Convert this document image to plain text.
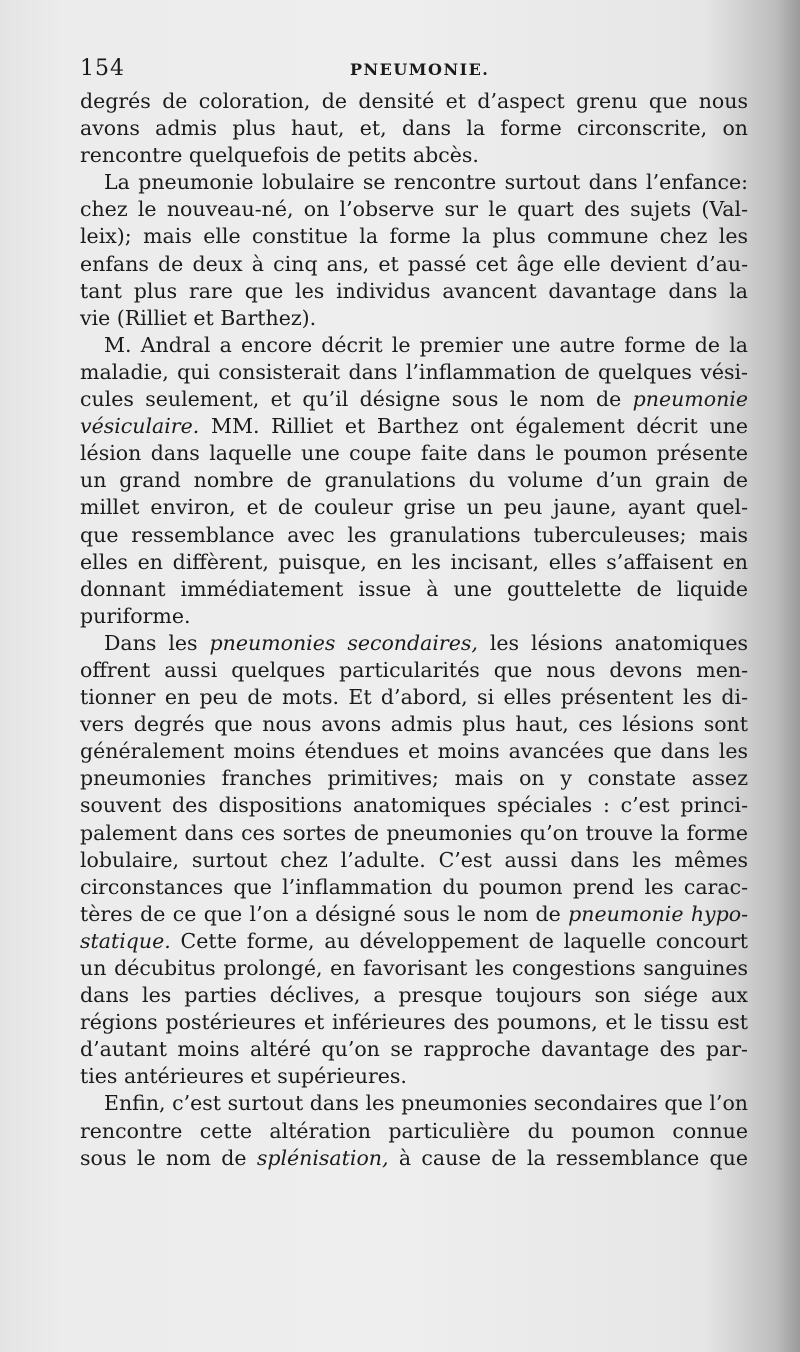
154	PNEUMONIE.
degrés de coloration, de densité et d’aspect grenu que nous
avons admis plus haut, et, dans la forme circonscrite, on
rencontre quelquefois de petits abcès.
La pneumonie lobulaire se rencontre surtout dans l’enfance:
chez le nouveau-né, on l’observe sur le quart des sujets (Val-
leix); mais elle constitue la forme la plus commune chez les
enfans de deux à cinq ans, et passé cet âge elle devient d’au-
tant plus rare que les individus avancent davantage dans la
vie (Rilliet et Barthez).
M. Andral a encore décrit le premier une autre forme de la
maladie, qui consisterait dans l’inflammation de quelques vési-
cules seulement, et qu’il désigne sous le nom de pneumonie
vésiculaire. MM. Rilliet et Barthez ont également décrit une
lésion dans laquelle une coupe faite dans le poumon présente
un grand nombre de granulations du volume d’un grain de
millet environ, et de couleur grise un peu jaune, ayant quel-
que ressemblance avec les granulations tuberculeuses; mais
elles en diffèrent, puisque, en les incisant, elles s’affaisent en
donnant immédiatement issue à une gouttelette de liquide
puriforme.
Dans les pneumonies secondaires, les lésions anatomiques
offrent aussi quelques particularités que nous devons men-
tionner en peu de mots. Et d’abord, si elles présentent les di-
vers degrés que nous avons admis plus haut, ces lésions sont
généralement moins étendues et moins avancées que dans les
pneumonies franches primitives; mais on y constate assez
souvent des dispositions anatomiques spéciales : c’est princi-
palement dans ces sortes de pneumonies qu’on trouve la forme
lobulaire, surtout chez l’adulte. C’est aussi dans les mêmes
circonstances que l’inflammation du poumon prend les carac-
tères de ce que l’on a désigné sous le nom de pneumonie hypo-
statique. Cette forme, au développement de laquelle concourt
un décubitus prolongé, en favorisant les congestions sanguines
dans les parties déclives, a presque toujours son siége aux
régions postérieures et inférieures des poumons, et le tissu est
d’autant moins altéré qu’on se rapproche davantage des par-
ties antérieures et supérieures.
Enfin, c’est surtout dans les pneumonies secondaires que l’on
rencontre cette altération particulière du poumon connue
sous le nom de splénisation, à cause de la ressemblance que
